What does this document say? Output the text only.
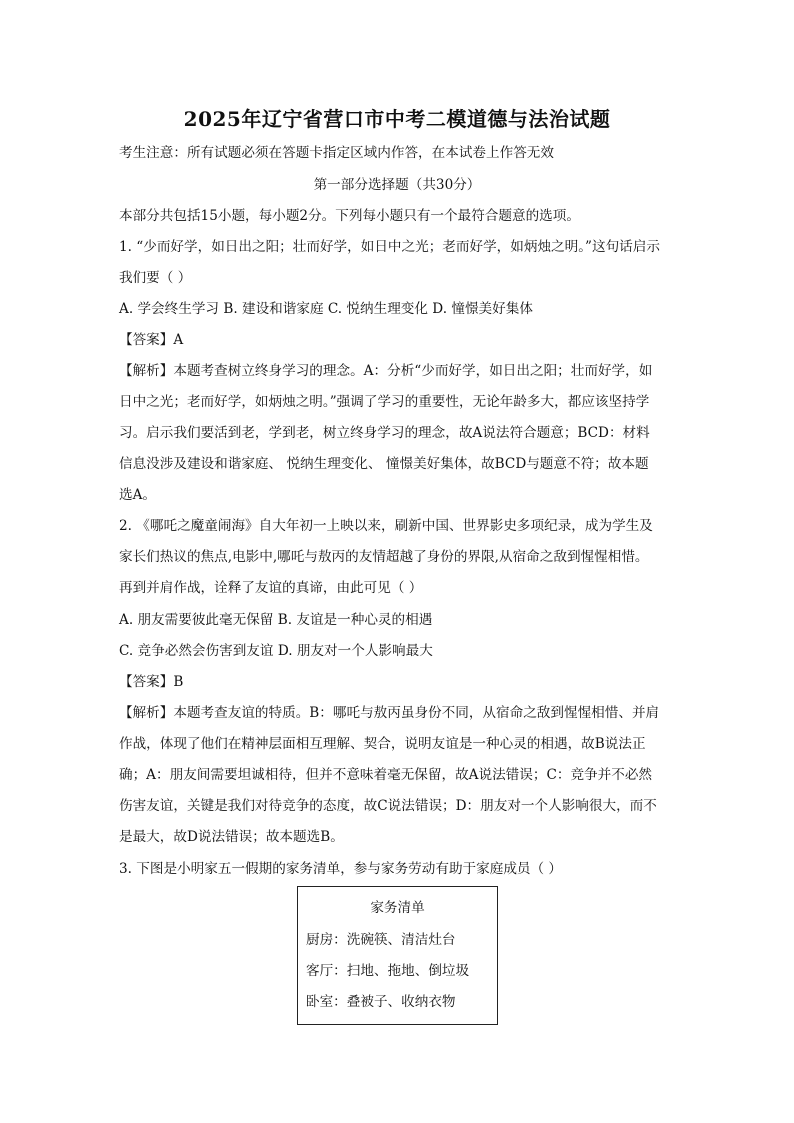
2025年辽宁省营口市中考二模道德与法治试题
考生注意：所有试题必须在答题卡指定区域内作答，在本试卷上作答无效
第一部分选择题（共30分）
本部分共包括15小题，每小题2分。下列每小题只有一个最符合题意的选项。
1. “少而好学，如日出之阳；壮而好学，如日中之光；老而好学，如炳烛之明。”这句话启示
我们要（ ）
A. 学会终生学习 B. 建设和谐家庭 C. 悦纳生理变化 D. 憧憬美好集体
【答案】A
【解析】本题考查树立终身学习的理念。A：分析“少而好学，如日出之阳；壮而好学，如
日中之光；老而好学，如炳烛之明。”强调了学习的重要性，无论年龄多大，都应该坚持学
习。启示我们要活到老，学到老，树立终身学习的理念，故A说法符合题意；BCD：材料
信息没涉及建设和谐家庭、 悦纳生理变化、 憧憬美好集体，故BCD与题意不符；故本题
选A。
2. 《哪吒之魔童闹海》自大年初一上映以来，刷新中国、世界影史多项纪录，成为学生及
家长们热议的焦点,电影中,哪吒与敖丙的友情超越了身份的界限,从宿命之敌到惺惺相惜。
再到并肩作战，诠释了友谊的真谛，由此可见（ ）
A. 朋友需要彼此毫无保留 B. 友谊是一种心灵的相遇
C. 竞争必然会伤害到友谊 D. 朋友对一个人影响最大
【答案】B
【解析】本题考查友谊的特质。B：哪吒与敖丙虽身份不同，从宿命之敌到惺惺相惜、并肩
作战，体现了他们在精神层面相互理解、契合，说明友谊是一种心灵的相遇，故B说法正
确；A：朋友间需要坦诚相待，但并不意味着毫无保留，故A说法错误；C：竞争并不必然
伤害友谊，关键是我们对待竞争的态度，故C说法错误；D：朋友对一个人影响很大，而不
是最大，故D说法错误；故本题选B。
3. 下图是小明家五一假期的家务清单，参与家务劳动有助于家庭成员（ ）
家务清单
厨房：洗碗筷、清洁灶台
客厅：扫地、拖地、倒垃圾
卧室：叠被子、收纳衣物
